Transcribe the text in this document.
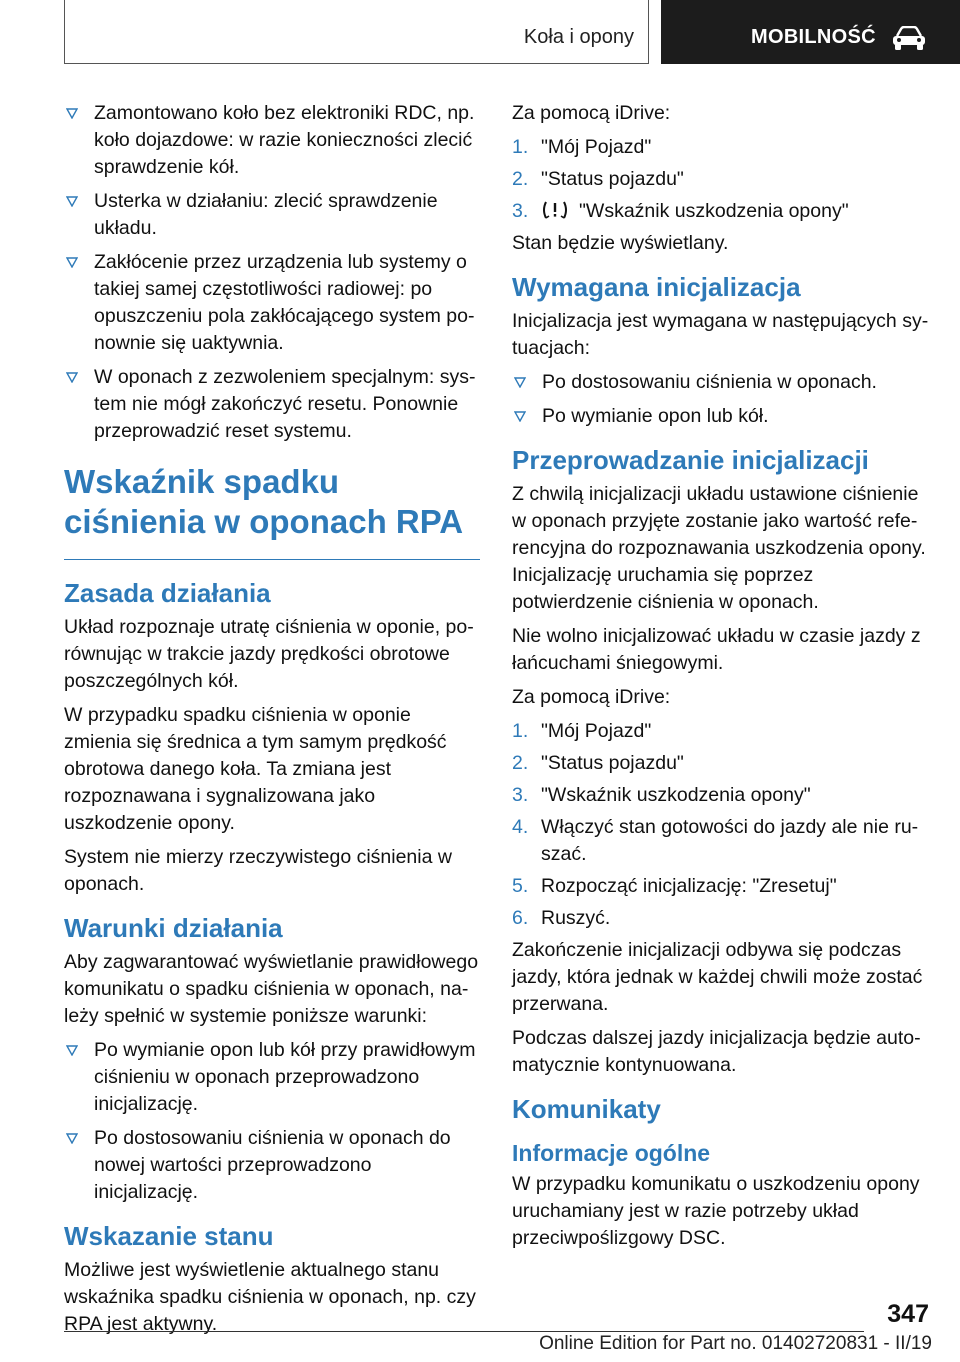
Koła i opony	MOBILNOŚĆ
Zamontowano koło bez elektroniki RDC, np. koło dojazdowe: w razie konieczności zlecić sprawdzenie kół.
Usterka w działaniu: zlecić sprawdzenie układu.
Zakłócenie przez urządzenia lub systemy o takiej samej częstotliwości radiowej: po opuszczeniu pola zakłócającego system ponownie się uaktywnia.
W oponach z zezwoleniem specjalnym: system nie mógł zakończyć resetu. Ponownie przeprowadzić reset systemu.
Wskaźnik spadku ciśnienia w oponach RPA
Zasada działania

Układ rozpoznaje utratę ciśnienia w oponie, porównując w trakcie jazdy prędkości obrotowe poszczególnych kół.

W przypadku spadku ciśnienia w oponie zmienia się średnica a tym samym prędkość obrotowa danego koła. Ta zmiana jest rozpoznawana i sygnalizowana jako uszkodzenie opony.

System nie mierzy rzeczywistego ciśnienia w oponach.

Warunki działania

Aby zagwarantować wyświetlanie prawidłowego komunikatu o spadku ciśnienia w oponach, należy spełnić w systemie poniższe warunki:

Po wymianie opon lub kół przy prawidłowym ciśnieniu w oponach przeprowadzono inicjalizację.
Po dostosowaniu ciśnienia w oponach do nowej wartości przeprowadzono inicjalizację.
Wskazanie stanu

Możliwe jest wyświetlenie aktualnego stanu wskaźnika spadku ciśnienia w oponach, np. czy RPA jest aktywny.

Za pomocą iDrive:

1. "Mój Pojazd"
2. "Status pojazdu"
3.	"Wskaźnik uszkodzenia opony"

Stan będzie wyświetlany.

Wymagana inicjalizacja

Inicjalizacja jest wymagana w następujących sytuacjach:

Po dostosowaniu ciśnienia w oponach.
Po wymianie opon lub kół.
Przeprowadzanie inicjalizacji

Z chwilą inicjalizacji układu ustawione ciśnienie w oponach przyjęte zostanie jako wartość referencyjna do rozpoznawania uszkodzenia opony. Inicjalizację uruchamia się poprzez potwierdzenie ciśnienia w oponach.

Nie wolno inicjalizować układu w czasie jazdy z łańcuchami śniegowymi.

Za pomocą iDrive:

1. "Mój Pojazd"
2. "Status pojazdu"
3. "Wskaźnik uszkodzenia opony"
4. Włączyć stan gotowości do jazdy ale nie ruszać.
5. Rozpocząć inicjalizację: "Zresetuj"
6. Ruszyć.

Zakończenie inicjalizacji odbywa się podczas jazdy, która jednak w każdej chwili może zostać przerwana.

Podczas dalszej jazdy inicjalizacja będzie automatycznie kontynuowana.

Komunikaty
Informacje ogólne

W przypadku komunikatu o uszkodzeniu opony uruchamiany jest w razie potrzeby układ przeciwpoślizgowy DSC.

347
Online Edition for Part no. 01402720831 - II/19
